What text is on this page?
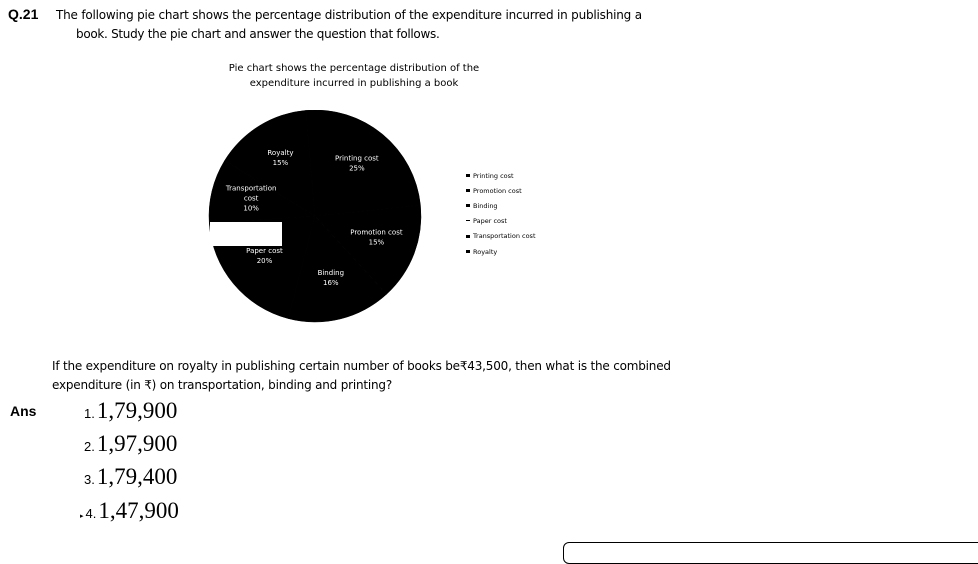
Q.21 The following pie chart shows the percentage distribution of the expenditure incurred in publishing a
book. Study the pie chart and answer the question that follows.
Pie chart shows the percentage distribution of the
expenditure incurred in publishing a book
Royalty 15%
Printing cost 25%
Promotion cost 15%
Binding 16%
Paper cost 20%
Transportation cost 10%
Printing cost
Promotion cost
Binding
Paper cost
Transportation cost
Royalty
If the expenditure on royalty in publishing certain number of books be₹43,500, then what is the combined
expenditure (in ₹) on transportation, binding and printing?
Ans	1. 1,79,900
2. 1,97,900
3. 1,79,400
▸ 4. 1,47,900
